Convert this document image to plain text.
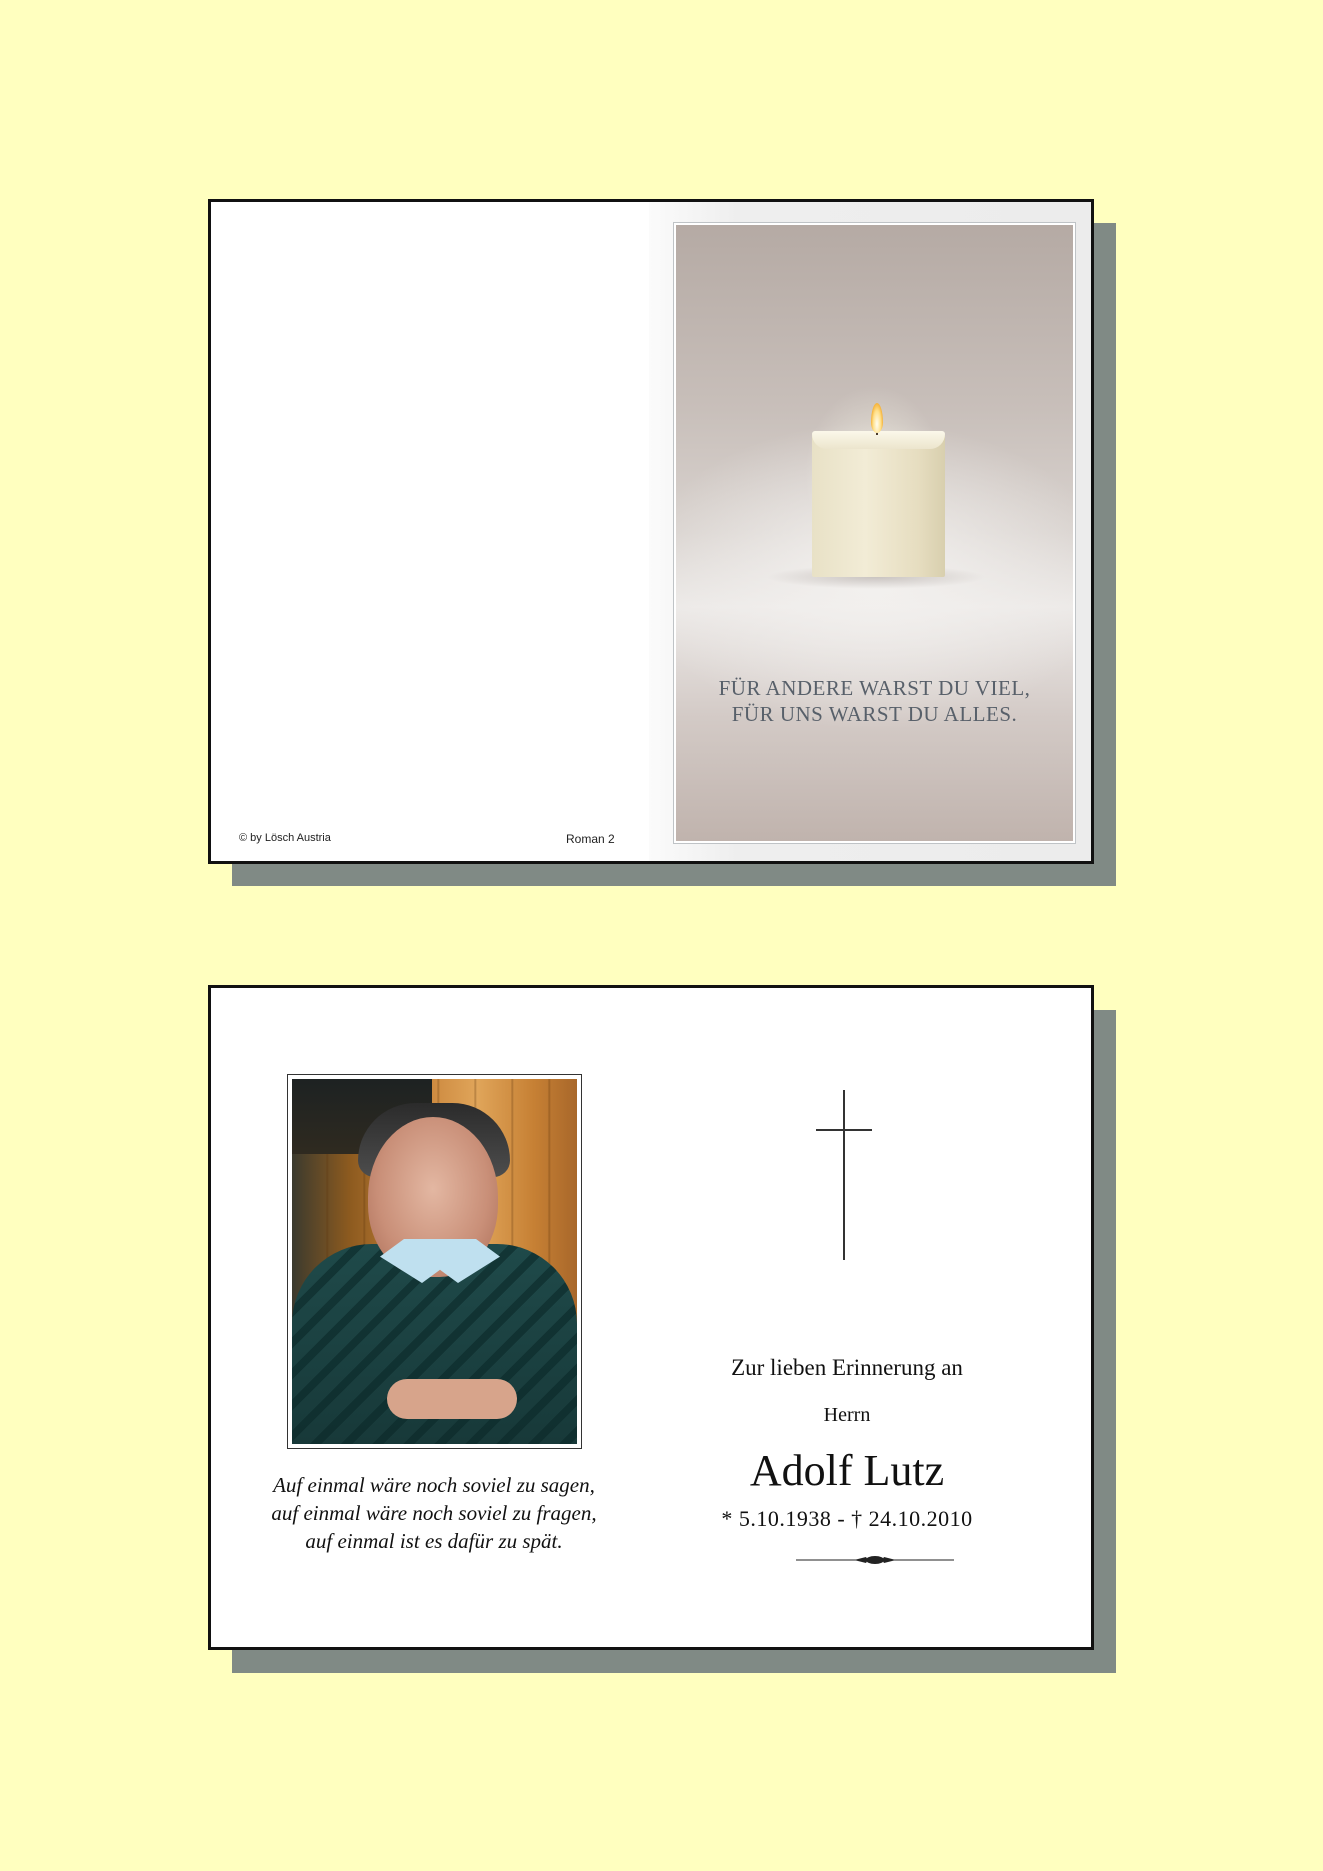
FÜR ANDERE WARST DU VIEL,
FÜR UNS WARST DU ALLES.
© by Lösch Austria	Roman 2
Auf einmal wäre noch soviel zu sagen,
auf einmal wäre noch soviel zu fragen,
auf einmal ist es dafür zu spät.
Zur lieben Erinnerung an
Herrn
Adolf Lutz
* 5.10.1938 - † 24.10.2010
